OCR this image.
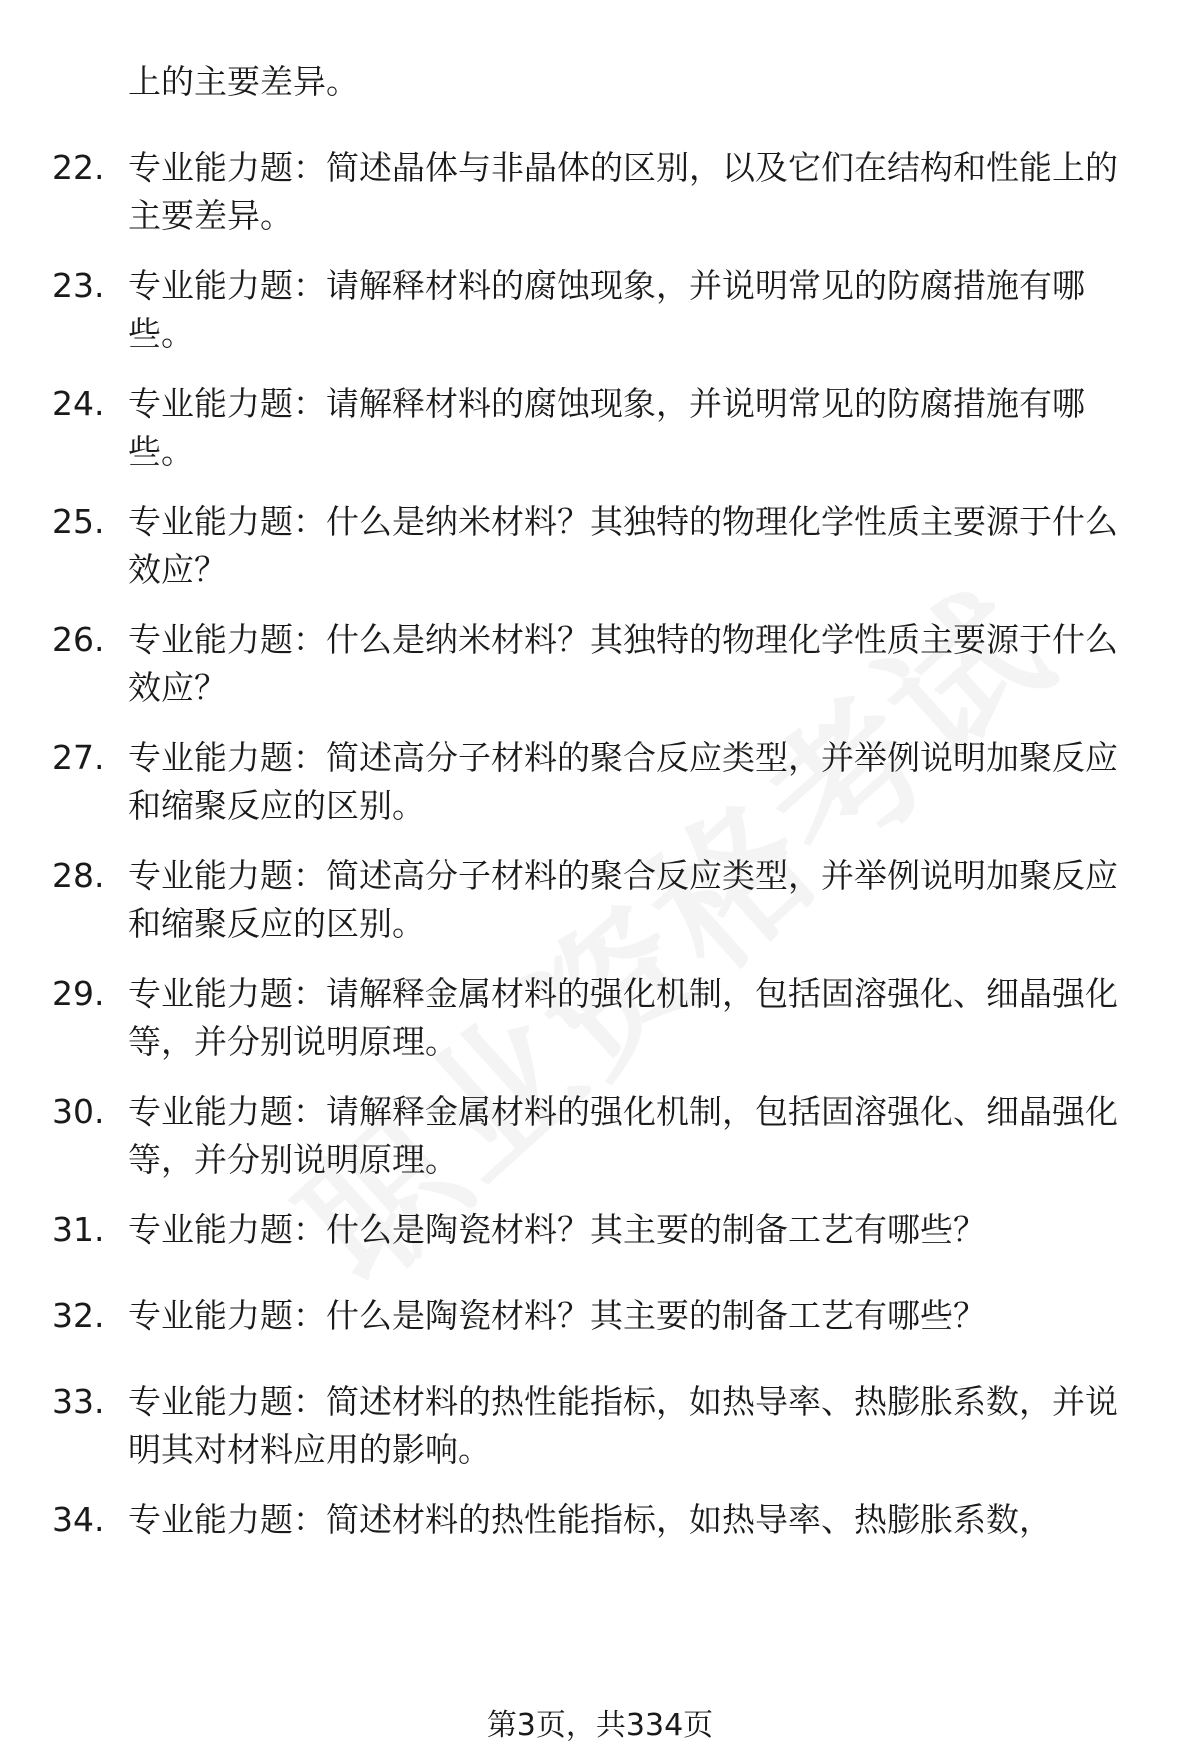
上的主要差异。

22. 专业能力题：简述晶体与非晶体的区别，以及它们在结构和性能上的主要差异。
23. 专业能力题：请解释材料的腐蚀现象，并说明常见的防腐措施有哪些。
24. 专业能力题：请解释材料的腐蚀现象，并说明常见的防腐措施有哪些。
25. 专业能力题：什么是纳米材料？其独特的物理化学性质主要源于什么效应？
26. 专业能力题：什么是纳米材料？其独特的物理化学性质主要源于什么效应？
27. 专业能力题：简述高分子材料的聚合反应类型，并举例说明加聚反应和缩聚反应的区别。
28. 专业能力题：简述高分子材料的聚合反应类型，并举例说明加聚反应和缩聚反应的区别。
29. 专业能力题：请解释金属材料的强化机制，包括固溶强化、细晶强化等，并分别说明原理。
30. 专业能力题：请解释金属材料的强化机制，包括固溶强化、细晶强化等，并分别说明原理。
31. 专业能力题：什么是陶瓷材料？其主要的制备工艺有哪些？
32. 专业能力题：什么是陶瓷材料？其主要的制备工艺有哪些？
33. 专业能力题：简述材料的热性能指标，如热导率、热膨胀系数，并说明其对材料应用的影响。
34. 专业能力题：简述材料的热性能指标，如热导率、热膨胀系数，
第3页，共334页
